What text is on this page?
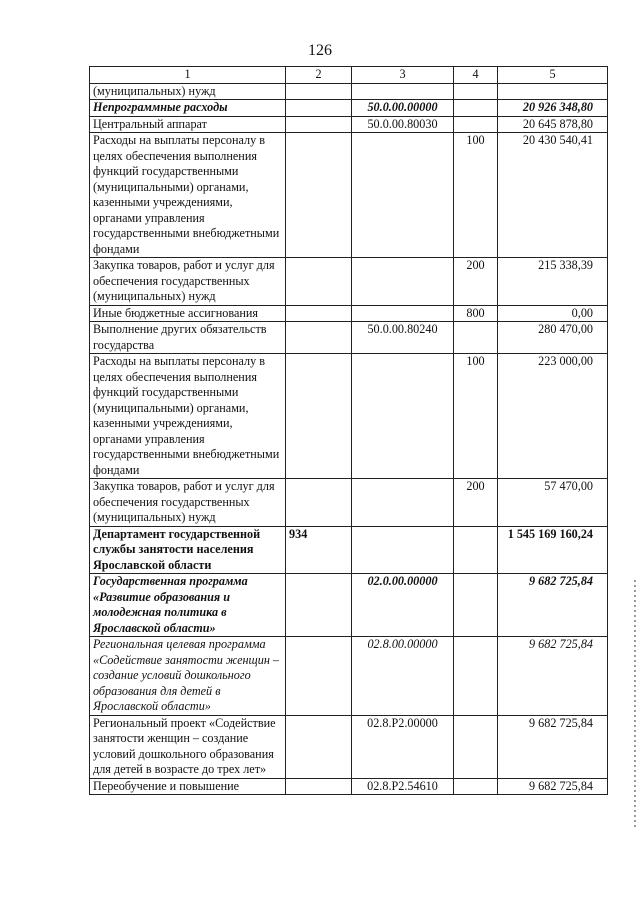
126
1	2	3	4	5
(муниципальных) нужд				
Непрограммные расходы		50.0.00.00000		20 926 348,80
Центральный аппарат		50.0.00.80030		20 645 878,80
Расходы на выплаты персоналу в целях обеспечения выполнения функций государственными (муниципальными) органами, казенными учреждениями, органами управления государственными внебюджетными фондами			100	20 430 540,41
Закупка товаров, работ и услуг для обеспечения государственных (муниципальных) нужд			200	215 338,39
Иные бюджетные ассигнования			800	0,00
Выполнение других обязательств государства		50.0.00.80240		280 470,00
Расходы на выплаты персоналу в целях обеспечения выполнения функций государственными (муниципальными) органами, казенными учреждениями, органами управления государственными внебюджетными фондами			100	223 000,00
Закупка товаров, работ и услуг для обеспечения государственных (муниципальных) нужд			200	57 470,00
Департамент государственной службы занятости населения Ярославской области	934			1 545 169 160,24
Государственная программа «Развитие образования и молодежная политика в Ярославской области»		02.0.00.00000		9 682 725,84
Региональная целевая программа «Содействие занятости женщин – создание условий дошкольного образования для детей в Ярославской области»		02.8.00.00000		9 682 725,84
Региональный проект «Содействие занятости женщин – создание условий дошкольного образования для детей в возрасте до трех лет»		02.8.Р2.00000		9 682 725,84
Переобучение и повышение		02.8.Р2.54610		9 682 725,84
